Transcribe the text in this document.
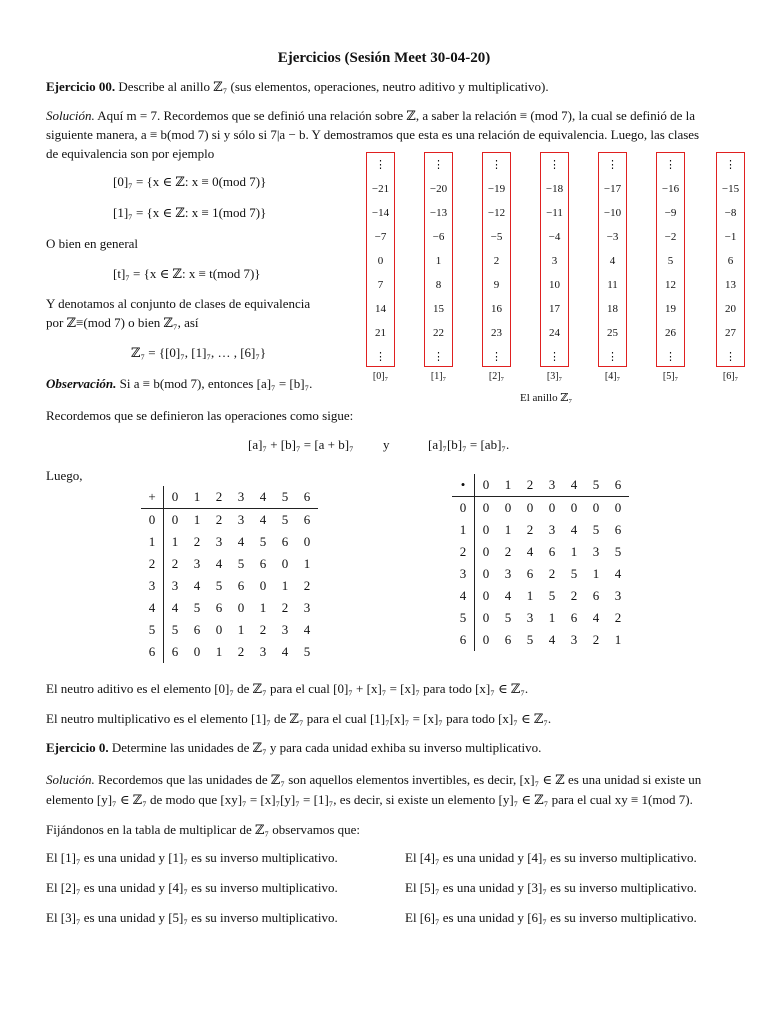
Ejercicios (Sesión Meet 30-04-20)
Ejercicio 00. Describe al anillo ℤ₇ (sus elementos, operaciones, neutro aditivo y multiplicativo).
Solución. Aquí m = 7. Recordemos que se definió una relación sobre ℤ, a saber la relación ≡ (mod 7), la cual se definió de la
siguiente manera, a ≡ b(mod 7) si y sólo si 7|a − b. Y demostramos que esta es una relación de equivalencia. Luego, las clases
de equivalencia son por ejemplo
[0]₇ = {x ∈ ℤ: x ≡ 0(mod 7)}
[1]₇ = {x ∈ ℤ: x ≡ 1(mod 7)}
O bien en general
[t]₇ = {x ∈ ℤ: x ≡ t(mod 7)}
Y denotamos al conjunto de clases de equivalencia
por ℤ≡(mod 7) o bien ℤ₇, así
ℤ₇ = {[0]₇, [1]₇, … , [6]₇}
Observación. Si a ≡ b(mod 7), entonces [a]₇ = [b]₇.
⋮
−21
−14
−7
0
7
14
21
⋮
[0]₇
⋮
−20
−13
−6
1
8
15
22
⋮
[1]₇
⋮
−19
−12
−5
2
9
16
23
⋮
[2]₇
⋮
−18
−11
−4
3
10
17
24
⋮
[3]₇
⋮
−17
−10
−3
4
11
18
25
⋮
[4]₇
⋮
−16
−9
−2
5
12
19
26
⋮
[5]₇
⋮
−15
−8
−1
6
13
20
27
⋮
[6]₇
El anillo ℤ₇
Recordemos que se definieron las operaciones como sigue:
[a]₇ + [b]₇ = [a + b]₇ y	[a]₇[b]₇ = [ab]₇.
Luego,
+	0	1	2	3	4	5	6
0	0	1	2	3	4	5	6
1	1	2	3	4	5	6	0
2	2	3	4	5	6	0	1
3	3	4	5	6	0	1	2
4	4	5	6	0	1	2	3
5	5	6	0	1	2	3	4
6	6	0	1	2	3	4	5
•	0	1	2	3	4	5	6
0	0	0	0	0	0	0	0
1	0	1	2	3	4	5	6
2	0	2	4	6	1	3	5
3	0	3	6	2	5	1	4
4	0	4	1	5	2	6	3
5	0	5	3	1	6	4	2
6	0	6	5	4	3	2	1
El neutro aditivo es el elemento [0]₇ de ℤ₇ para el cual [0]₇ + [x]₇ = [x]₇ para todo [x]₇ ∈ ℤ₇.
El neutro multiplicativo es el elemento [1]₇ de ℤ₇ para el cual [1]₇[x]₇ = [x]₇ para todo [x]₇ ∈ ℤ₇.
Ejercicio 0. Determine las unidades de ℤ₇ y para cada unidad exhiba su inverso multiplicativo.
Solución. Recordemos que las unidades de ℤ₇ son aquellos elementos invertibles, es decir, [x]₇ ∈ ℤ es una unidad si existe un
elemento [y]₇ ∈ ℤ₇ de modo que [xy]₇ = [x]₇[y]₇ = [1]₇, es decir, si existe un elemento [y]₇ ∈ ℤ₇ para el cual xy ≡ 1(mod 7).
Fijándonos en la tabla de multiplicar de ℤ₇ observamos que:
El [1]₇ es una unidad y [1]₇ es su inverso multiplicativo.
El [2]₇ es una unidad y [4]₇ es su inverso multiplicativo.
El [3]₇ es una unidad y [5]₇ es su inverso multiplicativo.
El [4]₇ es una unidad y [4]₇ es su inverso multiplicativo.
El [5]₇ es una unidad y [3]₇ es su inverso multiplicativo.
El [6]₇ es una unidad y [6]₇ es su inverso multiplicativo.
